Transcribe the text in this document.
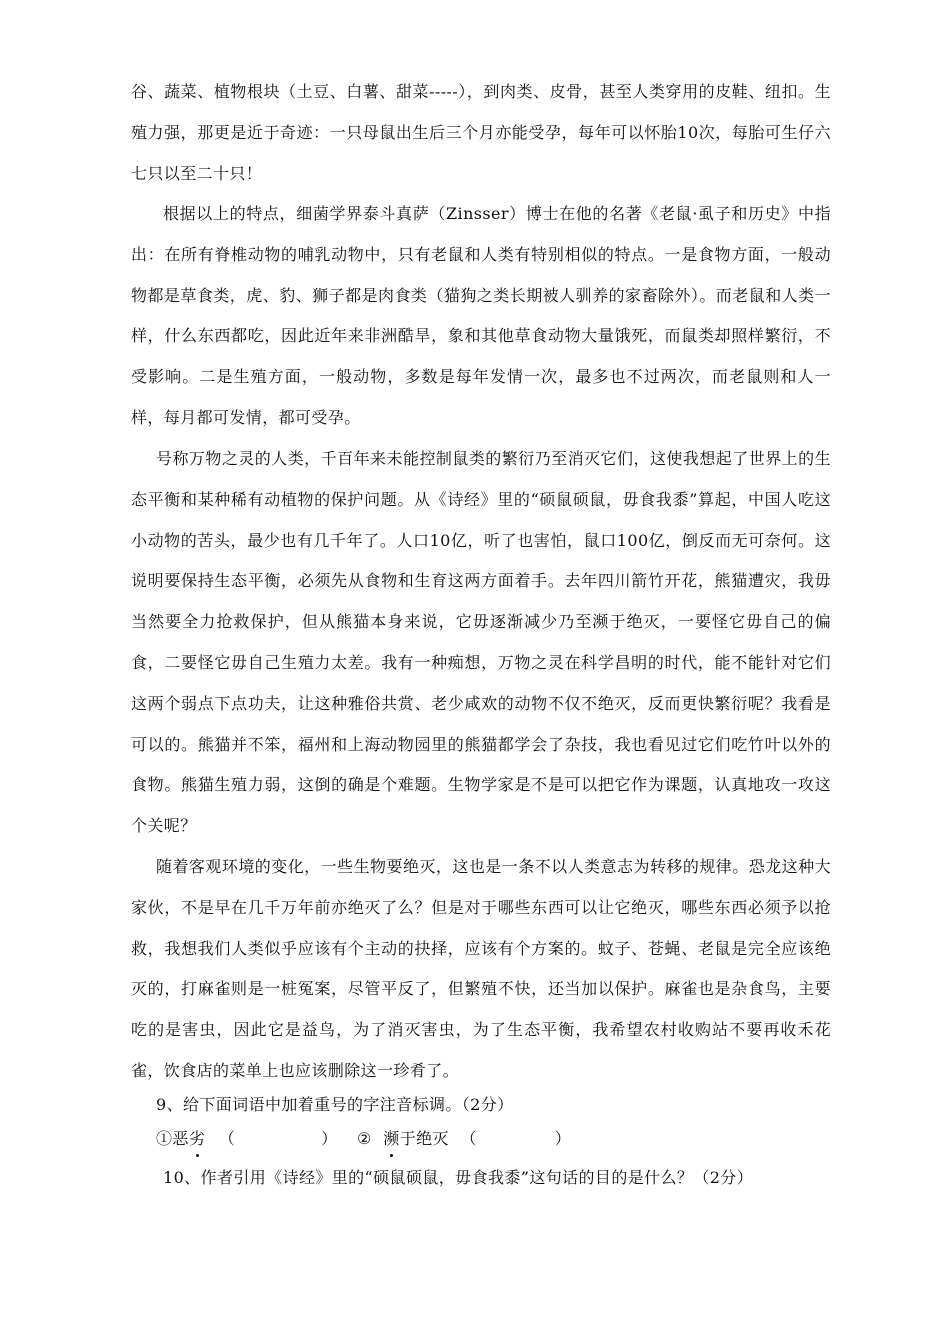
谷、蔬菜、植物根块（土豆、白薯、甜菜-----），到肉类、皮骨，甚至人类穿用的皮鞋、纽扣。生殖力强，那更是近于奇迹：一只母鼠出生后三个月亦能受孕，每年可以怀胎10次，每胎可生仔六七只以至二十只！

根据以上的特点，细菌学界泰斗真萨（Zinsser）博士在他的名著《老鼠·虱子和历史》中指出：在所有脊椎动物的哺乳动物中，只有老鼠和人类有特别相似的特点。一是食物方面，一般动物都是草食类，虎、豹、狮子都是肉食类（猫狗之类长期被人驯养的家畜除外）。而老鼠和人类一样，什么东西都吃，因此近年来非洲酷旱，象和其他草食动物大量饿死，而鼠类却照样繁衍，不受影响。二是生殖方面，一般动物，多数是每年发情一次，最多也不过两次，而老鼠则和人一样，每月都可发情，都可受孕。

号称万物之灵的人类，千百年来未能控制鼠类的繁衍乃至消灭它们，这使我想起了世界上的生态平衡和某种稀有动植物的保护问题。从《诗经》里的“硕鼠硕鼠，毋食我黍”算起，中国人吃这小动物的苦头，最少也有几千年了。人口10亿，听了也害怕，鼠口100亿，倒反而无可奈何。这说明要保持生态平衡，必须先从食物和生育这两方面着手。去年四川箭竹开花，熊猫遭灾，我毋当然要全力抢救保护，但从熊猫本身来说，它毋逐渐减少乃至濒于绝灭，一要怪它毋自己的偏食，二要怪它毋自己生殖力太差。我有一种痴想，万物之灵在科学昌明的时代，能不能针对它们这两个弱点下点功夫，让这种雅俗共赏、老少咸欢的动物不仅不绝灭，反而更快繁衍呢？我看是可以的。熊猫并不笨，福州和上海动物园里的熊猫都学会了杂技，我也看见过它们吃竹叶以外的食物。熊猫生殖力弱，这倒的确是个难题。生物学家是不是可以把它作为课题，认真地攻一攻这个关呢？

随着客观环境的变化，一些生物要绝灭，这也是一条不以人类意志为转移的规律。恐龙这种大家伙，不是早在几千万年前亦绝灭了么？但是对于哪些东西可以让它绝灭，哪些东西必须予以抢救，我想我们人类似乎应该有个主动的抉择，应该有个方案的。蚊子、苍蝇、老鼠是完全应该绝灭的，打麻雀则是一桩冤案，尽管平反了，但繁殖不快，还当加以保护。麻雀也是杂食鸟，主要吃的是害虫，因此它是益鸟，为了消灭害虫，为了生态平衡，我希望农村收购站不要再收禾花雀，饮食店的菜单上也应该删除这一珍肴了。

9、给下面词语中加着重号的字注音标调。（2分）

①恶劣 （	） ② 濒于绝灭 （	）

10、作者引用《诗经》里的“硕鼠硕鼠，毋食我黍”这句话的目的是什么？（2分）
